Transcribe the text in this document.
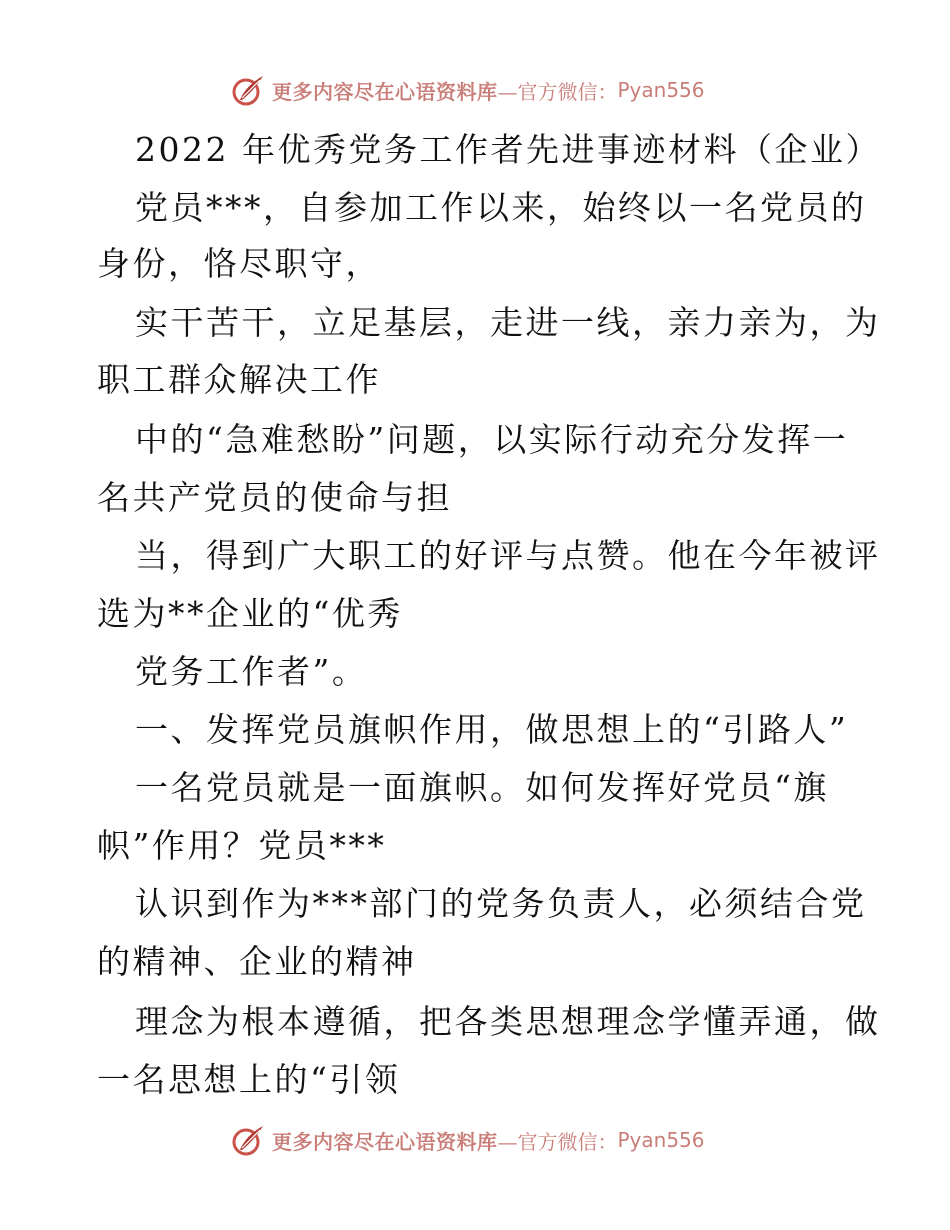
更多内容尽在心语资料库 —官方微信： Pyan556
2022 年优秀党务工作者先进事迹材料（企业）
党员***，自参加工作以来，始终以一名党员的
身份，恪尽职守，
实干苦干，立足基层，走进一线，亲力亲为，为
职工群众解决工作
中的“急难愁盼”问题，以实际行动充分发挥一
名共产党员的使命与担
当，得到广大职工的好评与点赞。他在今年被评
选为**企业的“优秀
党务工作者”。
一、发挥党员旗帜作用，做思想上的“引路人”
一名党员就是一面旗帜。如何发挥好党员“旗
帜”作用？党员***
认识到作为***部门的党务负责人，必须结合党
的精神、企业的精神
理念为根本遵循，把各类思想理念学懂弄通，做
一名思想上的“引领
更多内容尽在心语资料库 —官方微信： Pyan556
